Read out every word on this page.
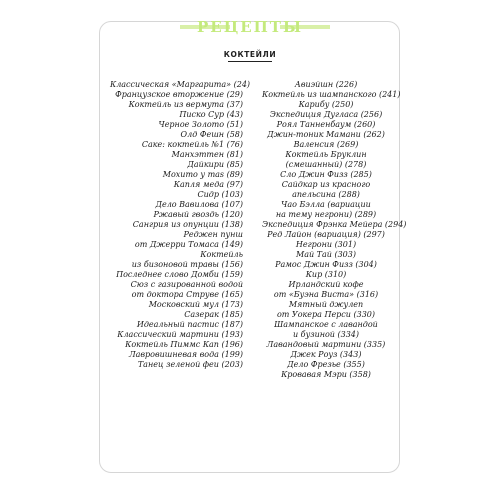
РЕЦЕПТЫ
КОКТЕЙЛИ
Классическая «Маргарита» (24)
Французское вторжение (29)
Коктейль из вермута (37)
Писко Сур (43)
Черное Золото (51)
Олд Фешн (58)
Саке: коктейль №1 (76)
Манхэттен (81)
Дайкири (85)
Мохито у mas (89)
Капля меда (97)
Сидр (103)
Дело Вавилова (107)
Ржавый гвоздь (120)
Сангрия из опунции (138)
Реджен пунш
от Джерри Томаса (149)
Коктейль
из бизоновой травы (156)
Последнее слово Домби (159)
Сюз с газированной водой
от доктора Струве (165)
Московский мул (173)
Сазерак (185)
Идеальный пастис (187)
Классический мартини (193)
Коктейль Пиммс Кап (196)
Лавровишневая вода (199)
Танец зеленой феи (203)
Авиэйшн (226)
Коктейль из шампанского (241)
Карибу (250)
Экспедиция Дугласа (256)
Роял Танненбаум (260)
Джин-тоник Мамани (262)
Валенсия (269)
Коктейль Бруклин
(смешанный) (278)
Сло Джин Физз (285)
Сайдкар из красного
апельсина (288)
Чао Бэлла (вариации
на тему негрони) (289)
Экспедиция Фрэнка Мейера (294)
Ред Лайон (вариация) (297)
Негрони (301)
Май Тай (303)
Рамос Джин Физз (304)
Кир (310)
Ирландский кофе
от «Буэна Виста» (316)
Мятный джулеп
от Уокера Перси (330)
Шампанское с лавандой
и бузиной (334)
Лавандовый мартини (335)
Джек Роуз (343)
Дело Фрезье (355)
Кровавая Мэри (358)
